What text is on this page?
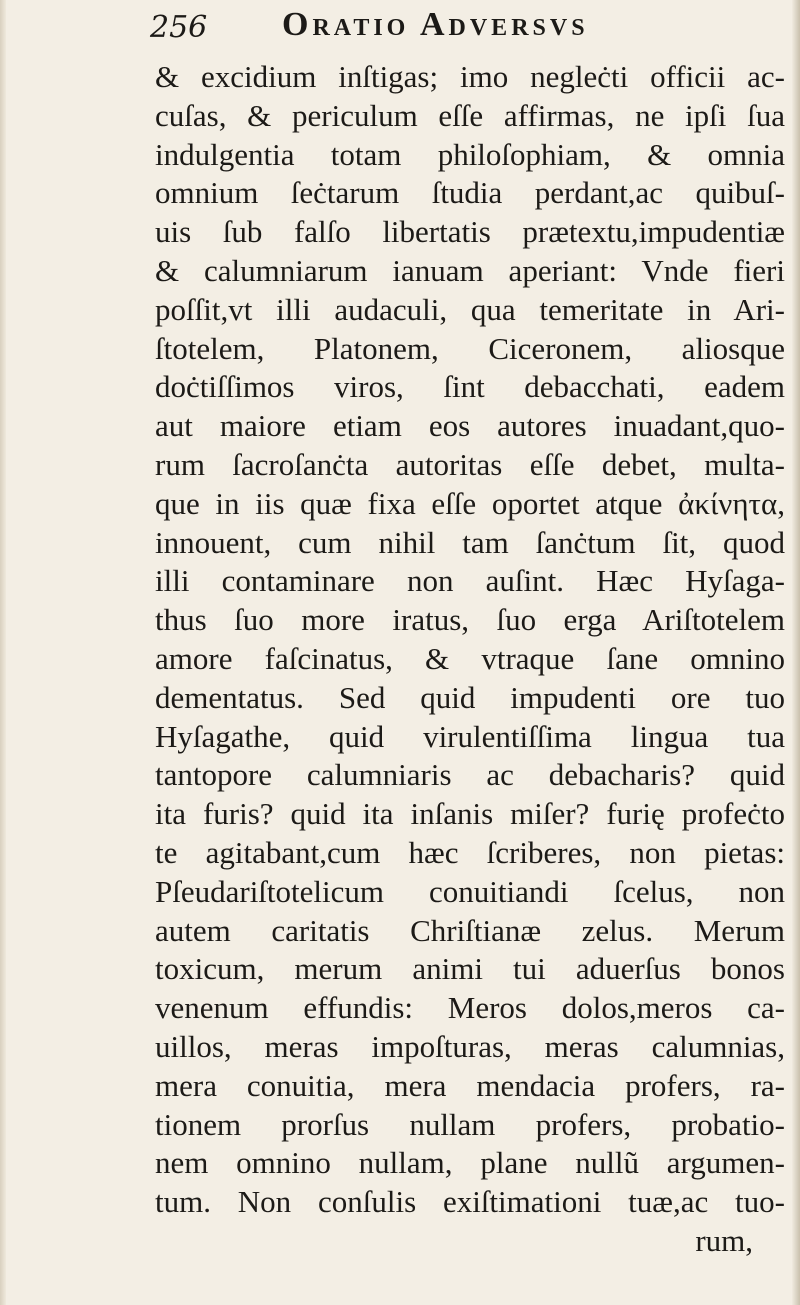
256 Oratio Adversvs
& excidium inſtigas; imo negleċti officii ac-
cuſas, & periculum eſſe affirmas, ne ipſi ſua
indulgentia totam philoſophiam, & omnia
omnium ſeċtarum ſtudia perdant,ac quibuſ-
uis ſub falſo libertatis prætextu,impudentiæ
& calumniarum ianuam aperiant: Vnde fieri
poſſit,vt illi audaculi, qua temeritate in Ari-
ſtotelem, Platonem, Ciceronem, aliosque
doċtiſſimos viros, ſint debacchati, eadem
aut maiore etiam eos autores inuadant,quo-
rum ſacroſanċta autoritas eſſe debet, multa-
que in iis quæ fixa eſſe oportet atque ἀκίνητα,
innouent, cum nihil tam ſanċtum ſit, quod
illi contaminare non auſint. Hæc Hyſaga-
thus ſuo more iratus, ſuo erga Ariſtotelem
amore faſcinatus, & vtraque ſane omnino
dementatus. Sed quid impudenti ore tuo
Hyſagathe, quid virulentiſſima lingua tua
tantopore calumniaris ac debacharis? quid
ita furis? quid ita inſanis miſer? furię profeċto
te agitabant,cum hæc ſcriberes, non pietas:
Pſeudariſtotelicum conuitiandi ſcelus, non
autem caritatis Chriſtianæ zelus. Merum
toxicum, merum animi tui aduerſus bonos
venenum effundis: Meros dolos,meros ca-
uillos, meras impoſturas, meras calumnias,
mera conuitia, mera mendacia profers, ra-
tionem prorſus nullam profers, probatio-
nem omnino nullam, plane nullũ argumen-
tum. Non conſulis exiſtimationi tuæ,ac tuo-
rum,
